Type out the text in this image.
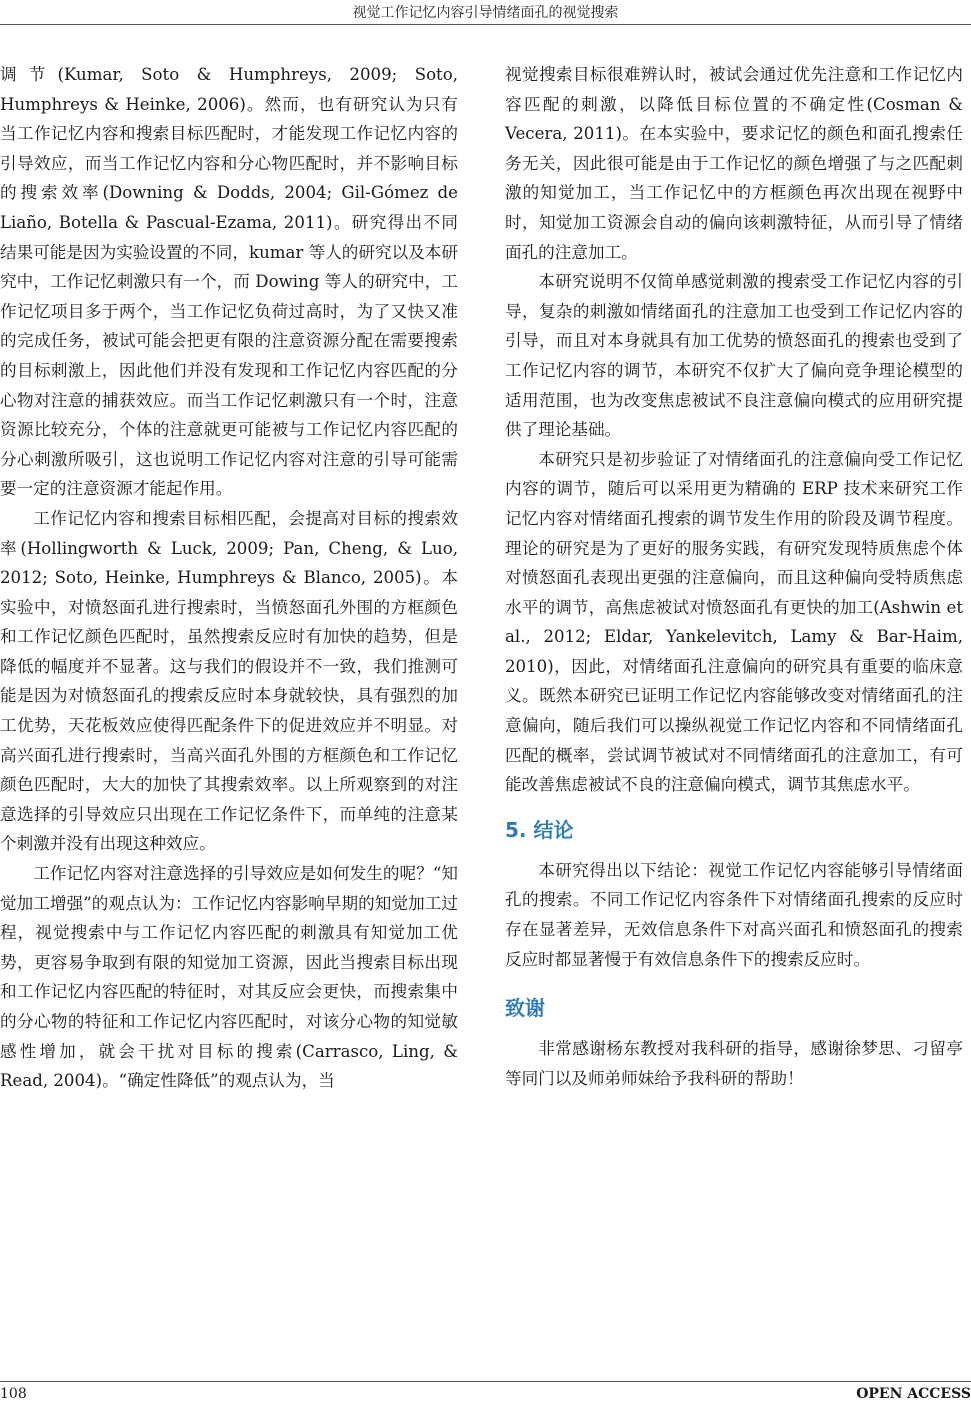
视觉工作记忆内容引导情绪面孔的视觉搜索

调节(Kumar, Soto & Humphreys, 2009; Soto, Humphreys & Heinke, 2006)。然而，也有研究认为只有当工作记忆内容和搜索目标匹配时，才能发现工作记忆内容的引导效应，而当工作记忆内容和分心物匹配时，并不影响目标的搜索效率(Downing & Dodds, 2004; Gil-Gómez de Liaño, Botella & Pascual-Ezama, 2011)。研究得出不同结果可能是因为实验设置的不同，kumar 等人的研究以及本研究中，工作记忆刺激只有一个，而 Dowing 等人的研究中，工作记忆项目多于两个，当工作记忆负荷过高时，为了又快又准的完成任务，被试可能会把更有限的注意资源分配在需要搜索的目标刺激上，因此他们并没有发现和工作记忆内容匹配的分心物对注意的捕获效应。而当工作记忆刺激只有一个时，注意资源比较充分，个体的注意就更可能被与工作记忆内容匹配的分心刺激所吸引，这也说明工作记忆内容对注意的引导可能需要一定的注意资源才能起作用。

工作记忆内容和搜索目标相匹配，会提高对目标的搜索效率(Hollingworth & Luck, 2009; Pan, Cheng, & Luo, 2012; Soto, Heinke, Humphreys & Blanco, 2005)。本实验中，对愤怒面孔进行搜索时，当愤怒面孔外围的方框颜色和工作记忆颜色匹配时，虽然搜索反应时有加快的趋势，但是降低的幅度并不显著。这与我们的假设并不一致，我们推测可能是因为对愤怒面孔的搜索反应时本身就较快，具有强烈的加工优势，天花板效应使得匹配条件下的促进效应并不明显。对高兴面孔进行搜索时，当高兴面孔外围的方框颜色和工作记忆颜色匹配时，大大的加快了其搜索效率。以上所观察到的对注意选择的引导效应只出现在工作记忆条件下，而单纯的注意某个刺激并没有出现这种效应。

工作记忆内容对注意选择的引导效应是如何发生的呢？“知觉加工增强”的观点认为：工作记忆内容影响早期的知觉加工过程，视觉搜索中与工作记忆内容匹配的刺激具有知觉加工优势，更容易争取到有限的知觉加工资源，因此当搜索目标出现和工作记忆内容匹配的特征时，对其反应会更快，而搜索集中的分心物的特征和工作记忆内容匹配时，对该分心物的知觉敏感性增加，就会干扰对目标的搜索(Carrasco, Ling, & Read, 2004)。“确定性降低”的观点认为，当

视觉搜索目标很难辨认时，被试会通过优先注意和工作记忆内容匹配的刺激，以降低目标位置的不确定性(Cosman & Vecera, 2011)。在本实验中，要求记忆的颜色和面孔搜索任务无关，因此很可能是由于工作记忆的颜色增强了与之匹配刺激的知觉加工，当工作记忆中的方框颜色再次出现在视野中时，知觉加工资源会自动的偏向该刺激特征，从而引导了情绪面孔的注意加工。

本研究说明不仅简单感觉刺激的搜索受工作记忆内容的引导，复杂的刺激如情绪面孔的注意加工也受到工作记忆内容的引导，而且对本身就具有加工优势的愤怒面孔的搜索也受到了工作记忆内容的调节，本研究不仅扩大了偏向竞争理论模型的适用范围，也为改变焦虑被试不良注意偏向模式的应用研究提供了理论基础。

本研究只是初步验证了对情绪面孔的注意偏向受工作记忆内容的调节，随后可以采用更为精确的 ERP 技术来研究工作记忆内容对情绪面孔搜索的调节发生作用的阶段及调节程度。理论的研究是为了更好的服务实践，有研究发现特质焦虑个体对愤怒面孔表现出更强的注意偏向，而且这种偏向受特质焦虑水平的调节，高焦虑被试对愤怒面孔有更快的加工(Ashwin et al., 2012; Eldar, Yankelevitch, Lamy & Bar-Haim, 2010)，因此，对情绪面孔注意偏向的研究具有重要的临床意义。既然本研究已证明工作记忆内容能够改变对情绪面孔的注意偏向，随后我们可以操纵视觉工作记忆内容和不同情绪面孔匹配的概率，尝试调节被试对不同情绪面孔的注意加工，有可能改善焦虑被试不良的注意偏向模式，调节其焦虑水平。

5. 结论

本研究得出以下结论：视觉工作记忆内容能够引导情绪面孔的搜索。不同工作记忆内容条件下对情绪面孔搜索的反应时存在显著差异，无效信息条件下对高兴面孔和愤怒面孔的搜索反应时都显著慢于有效信息条件下的搜索反应时。

致谢

非常感谢杨东教授对我科研的指导，感谢徐梦思、刁留亭等同门以及师弟师妹给予我科研的帮助！

108	OPEN ACCESS
